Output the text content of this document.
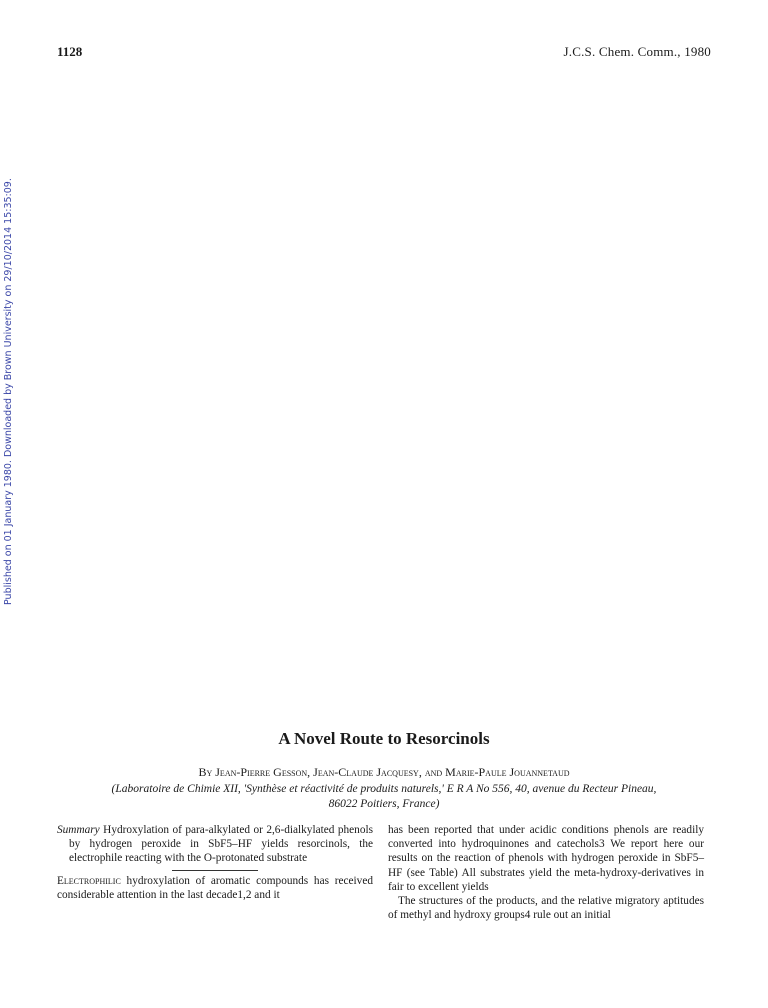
1128	J.C.S. Chem. Comm., 1980
Published on 01 January 1980. Downloaded by Brown University on 29/10/2014 15:35:09.
A Novel Route to Resorcinols
By Jean-Pierre Gesson, Jean-Claude Jacquesy, and Marie-Paule Jouannetaud
(Laboratoire de Chimie XII, 'Synthèse et réactivité de produits naturels,' E R A No 556, 40, avenue du Recteur Pineau,
86022 Poitiers, France)

Summary Hydroxylation of para-alkylated or 2,6-dialkylated phenols by hydrogen peroxide in SbF5–HF yields resorcinols, the electrophile reacting with the O-protonated substrate

Electrophilic hydroxylation of aromatic compounds has received considerable attention in the last decade1,2 and it

has been reported that under acidic conditions phenols are readily converted into hydroquinones and catechols3 We report here our results on the reaction of phenols with hydrogen peroxide in SbF5–HF (see Table) All substrates yield the meta-hydroxy-derivatives in fair to excellent yields

The structures of the products, and the relative migratory aptitudes of methyl and hydroxy groups4 rule out an initial
